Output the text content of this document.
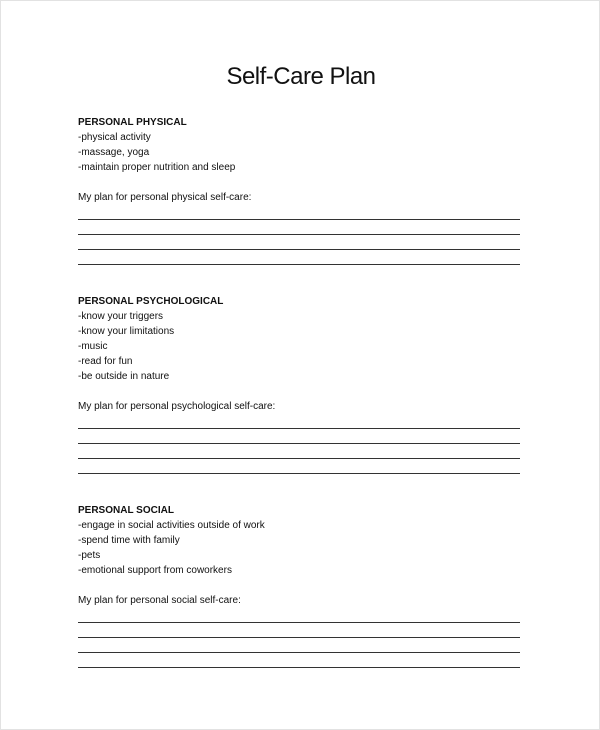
Self-Care Plan
PERSONAL PHYSICAL
-physical activity
-massage, yoga
-maintain proper nutrition and sleep
My plan for personal physical self-care:
PERSONAL PSYCHOLOGICAL
-know your triggers
-know your limitations
-music
-read for fun
-be outside in nature
My plan for personal psychological self-care:
PERSONAL SOCIAL
-engage in social activities outside of work
-spend time with family
-pets
-emotional support from coworkers
My plan for personal social self-care:
